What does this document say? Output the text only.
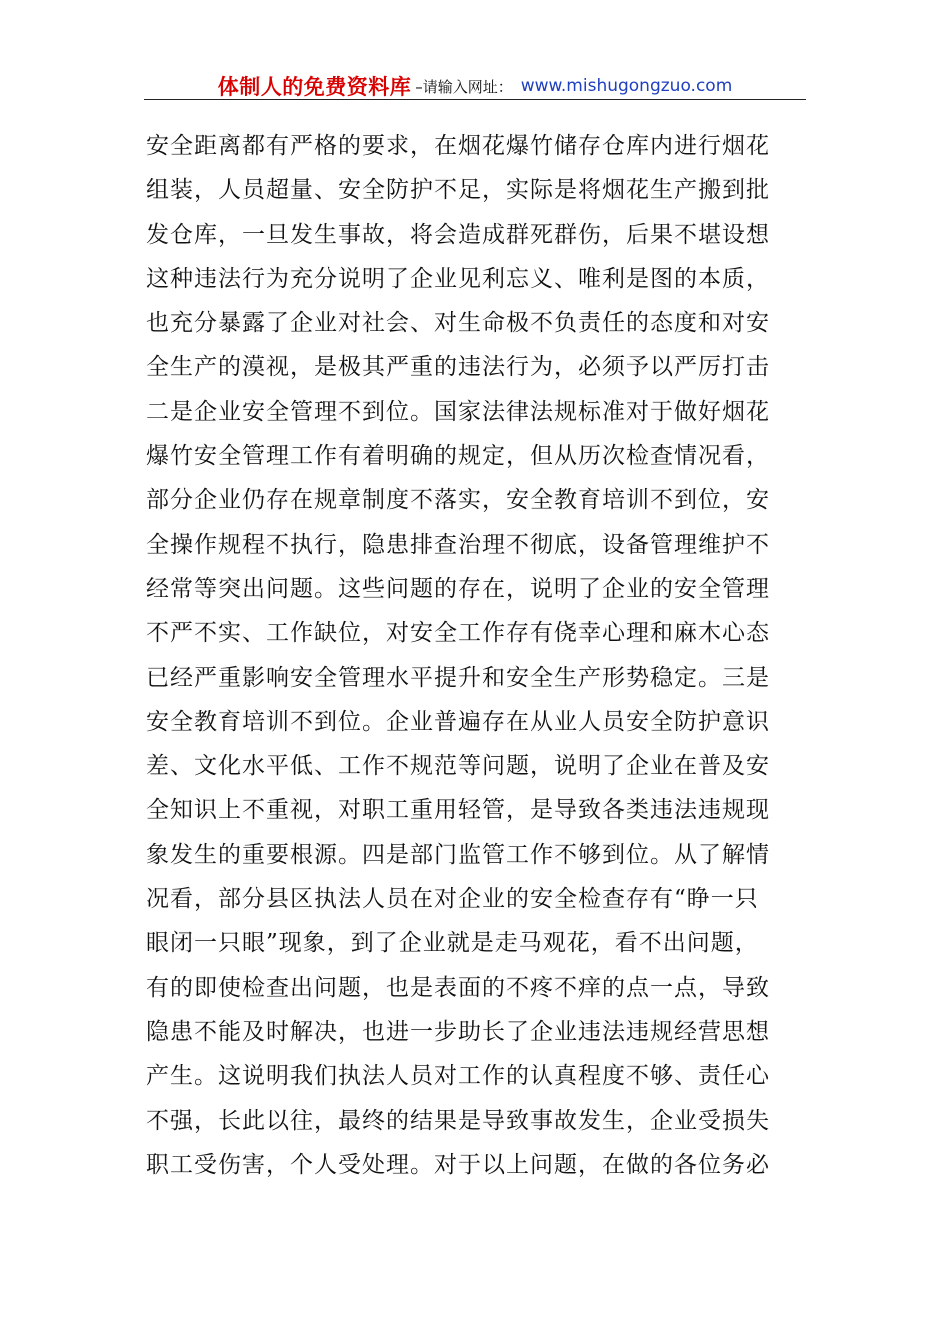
体制人的免费资料库 –请输入网址： www.mishugongzuo.com
安全距离都有严格的要求，在烟花爆竹储存仓库内进行烟花
组装，人员超量、安全防护不足，实际是将烟花生产搬到批
发仓库，一旦发生事故，将会造成群死群伤，后果不堪设想
这种违法行为充分说明了企业见利忘义、唯利是图的本质，
也充分暴露了企业对社会、对生命极不负责任的态度和对安
全生产的漠视，是极其严重的违法行为，必须予以严厉打击
二是企业安全管理不到位。国家法律法规标准对于做好烟花
爆竹安全管理工作有着明确的规定，但从历次检查情况看，
部分企业仍存在规章制度不落实，安全教育培训不到位，安
全操作规程不执行，隐患排查治理不彻底，设备管理维护不
经常等突出问题。这些问题的存在，说明了企业的安全管理
不严不实、工作缺位，对安全工作存有侥幸心理和麻木心态
已经严重影响安全管理水平提升和安全生产形势稳定。三是
安全教育培训不到位。企业普遍存在从业人员安全防护意识
差、文化水平低、工作不规范等问题，说明了企业在普及安
全知识上不重视，对职工重用轻管，是导致各类违法违规现
象发生的重要根源。四是部门监管工作不够到位。从了解情
况看，部分县区执法人员在对企业的安全检查存有“睁一只
眼闭一只眼”现象，到了企业就是走马观花，看不出问题，
有的即使检查出问题，也是表面的不疼不痒的点一点，导致
隐患不能及时解决，也进一步助长了企业违法违规经营思想
产生。这说明我们执法人员对工作的认真程度不够、责任心
不强，长此以往，最终的结果是导致事故发生，企业受损失
职工受伤害，个人受处理。对于以上问题，在做的各位务必
